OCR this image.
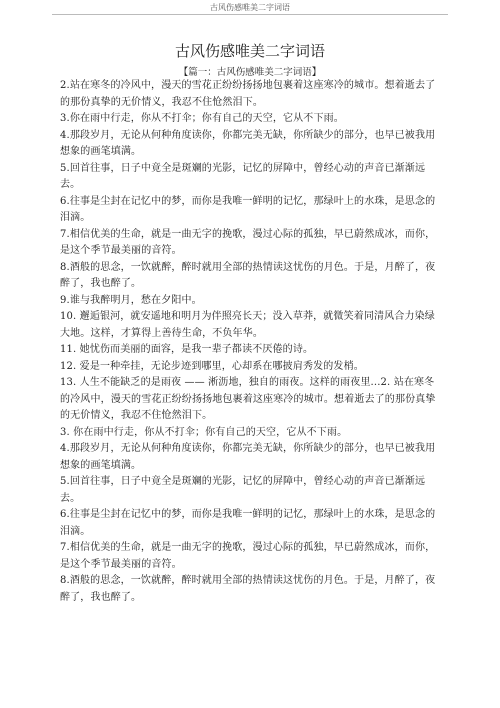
古风伤感唯美二字词语
古风伤感唯美二字词语
【篇一：古风伤感唯美二字词语】

2.站在寒冬的冷风中，漫天的雪花正纷纷扬扬地包裹着这座寒冷的城市。想着逝去了的那份真挚的无价情义，我忍不住怆然泪下。

3.你在雨中行走，你从不打伞；你有自己的天空，它从不下雨。

4.那段岁月，无论从何种角度读你，你都完美无缺，你所缺少的部分，也早已被我用想象的画笔填满。

5.回首往事，日子中竟全是斑斓的光影，记忆的屏障中，曾经心动的声音已渐渐远去。

6.往事是尘封在记忆中的梦，而你是我唯一鲜明的记忆，那绿叶上的水珠，是思念的泪滴。

7.相信优美的生命，就是一曲无字的挽歌，漫过心际的孤独，早已蔚然成冰，而你，是这个季节最美丽的音符。

8.酒般的思念，一饮就醉，醉时就用全部的热情读这忧伤的月色。于是，月醉了，夜醉了，我也醉了。

9.谁与我醉明月，愁在夕阳中。

10. 邂逅银河，就安遥地和明月为伴照亮长天；没入草莽，就微笑着同清风合力染绿大地。这样，才算得上善待生命，不负年华。

11. 她忧伤而美丽的面容，是我一辈子都读不厌倦的诗。

12. 爱是一种牵挂，无论步迹到哪里，心却系在哪披肩秀发的发梢。

13. 人生不能缺乏的是雨夜 —— 淅沥地，独自的雨夜。这样的雨夜里...2. 站在寒冬的冷风中，漫天的雪花正纷纷扬扬地包裹着这座寒冷的城市。想着逝去了的那份真挚的无价情义，我忍不住怆然泪下。

3. 你在雨中行走，你从不打伞；你有自己的天空，它从不下雨。

4.那段岁月，无论从何种角度读你，你都完美无缺，你所缺少的部分，也早已被我用想象的画笔填满。

5.回首往事，日子中竟全是斑斓的光影，记忆的屏障中，曾经心动的声音已渐渐远去。

6.往事是尘封在记忆中的梦，而你是我唯一鲜明的记忆，那绿叶上的水珠，是思念的泪滴。

7.相信优美的生命，就是一曲无字的挽歌，漫过心际的孤独，早已蔚然成冰，而你，是这个季节最美丽的音符。

8.酒般的思念，一饮就醉，醉时就用全部的热情读这忧伤的月色。于是，月醉了，夜醉了，我也醉了。
